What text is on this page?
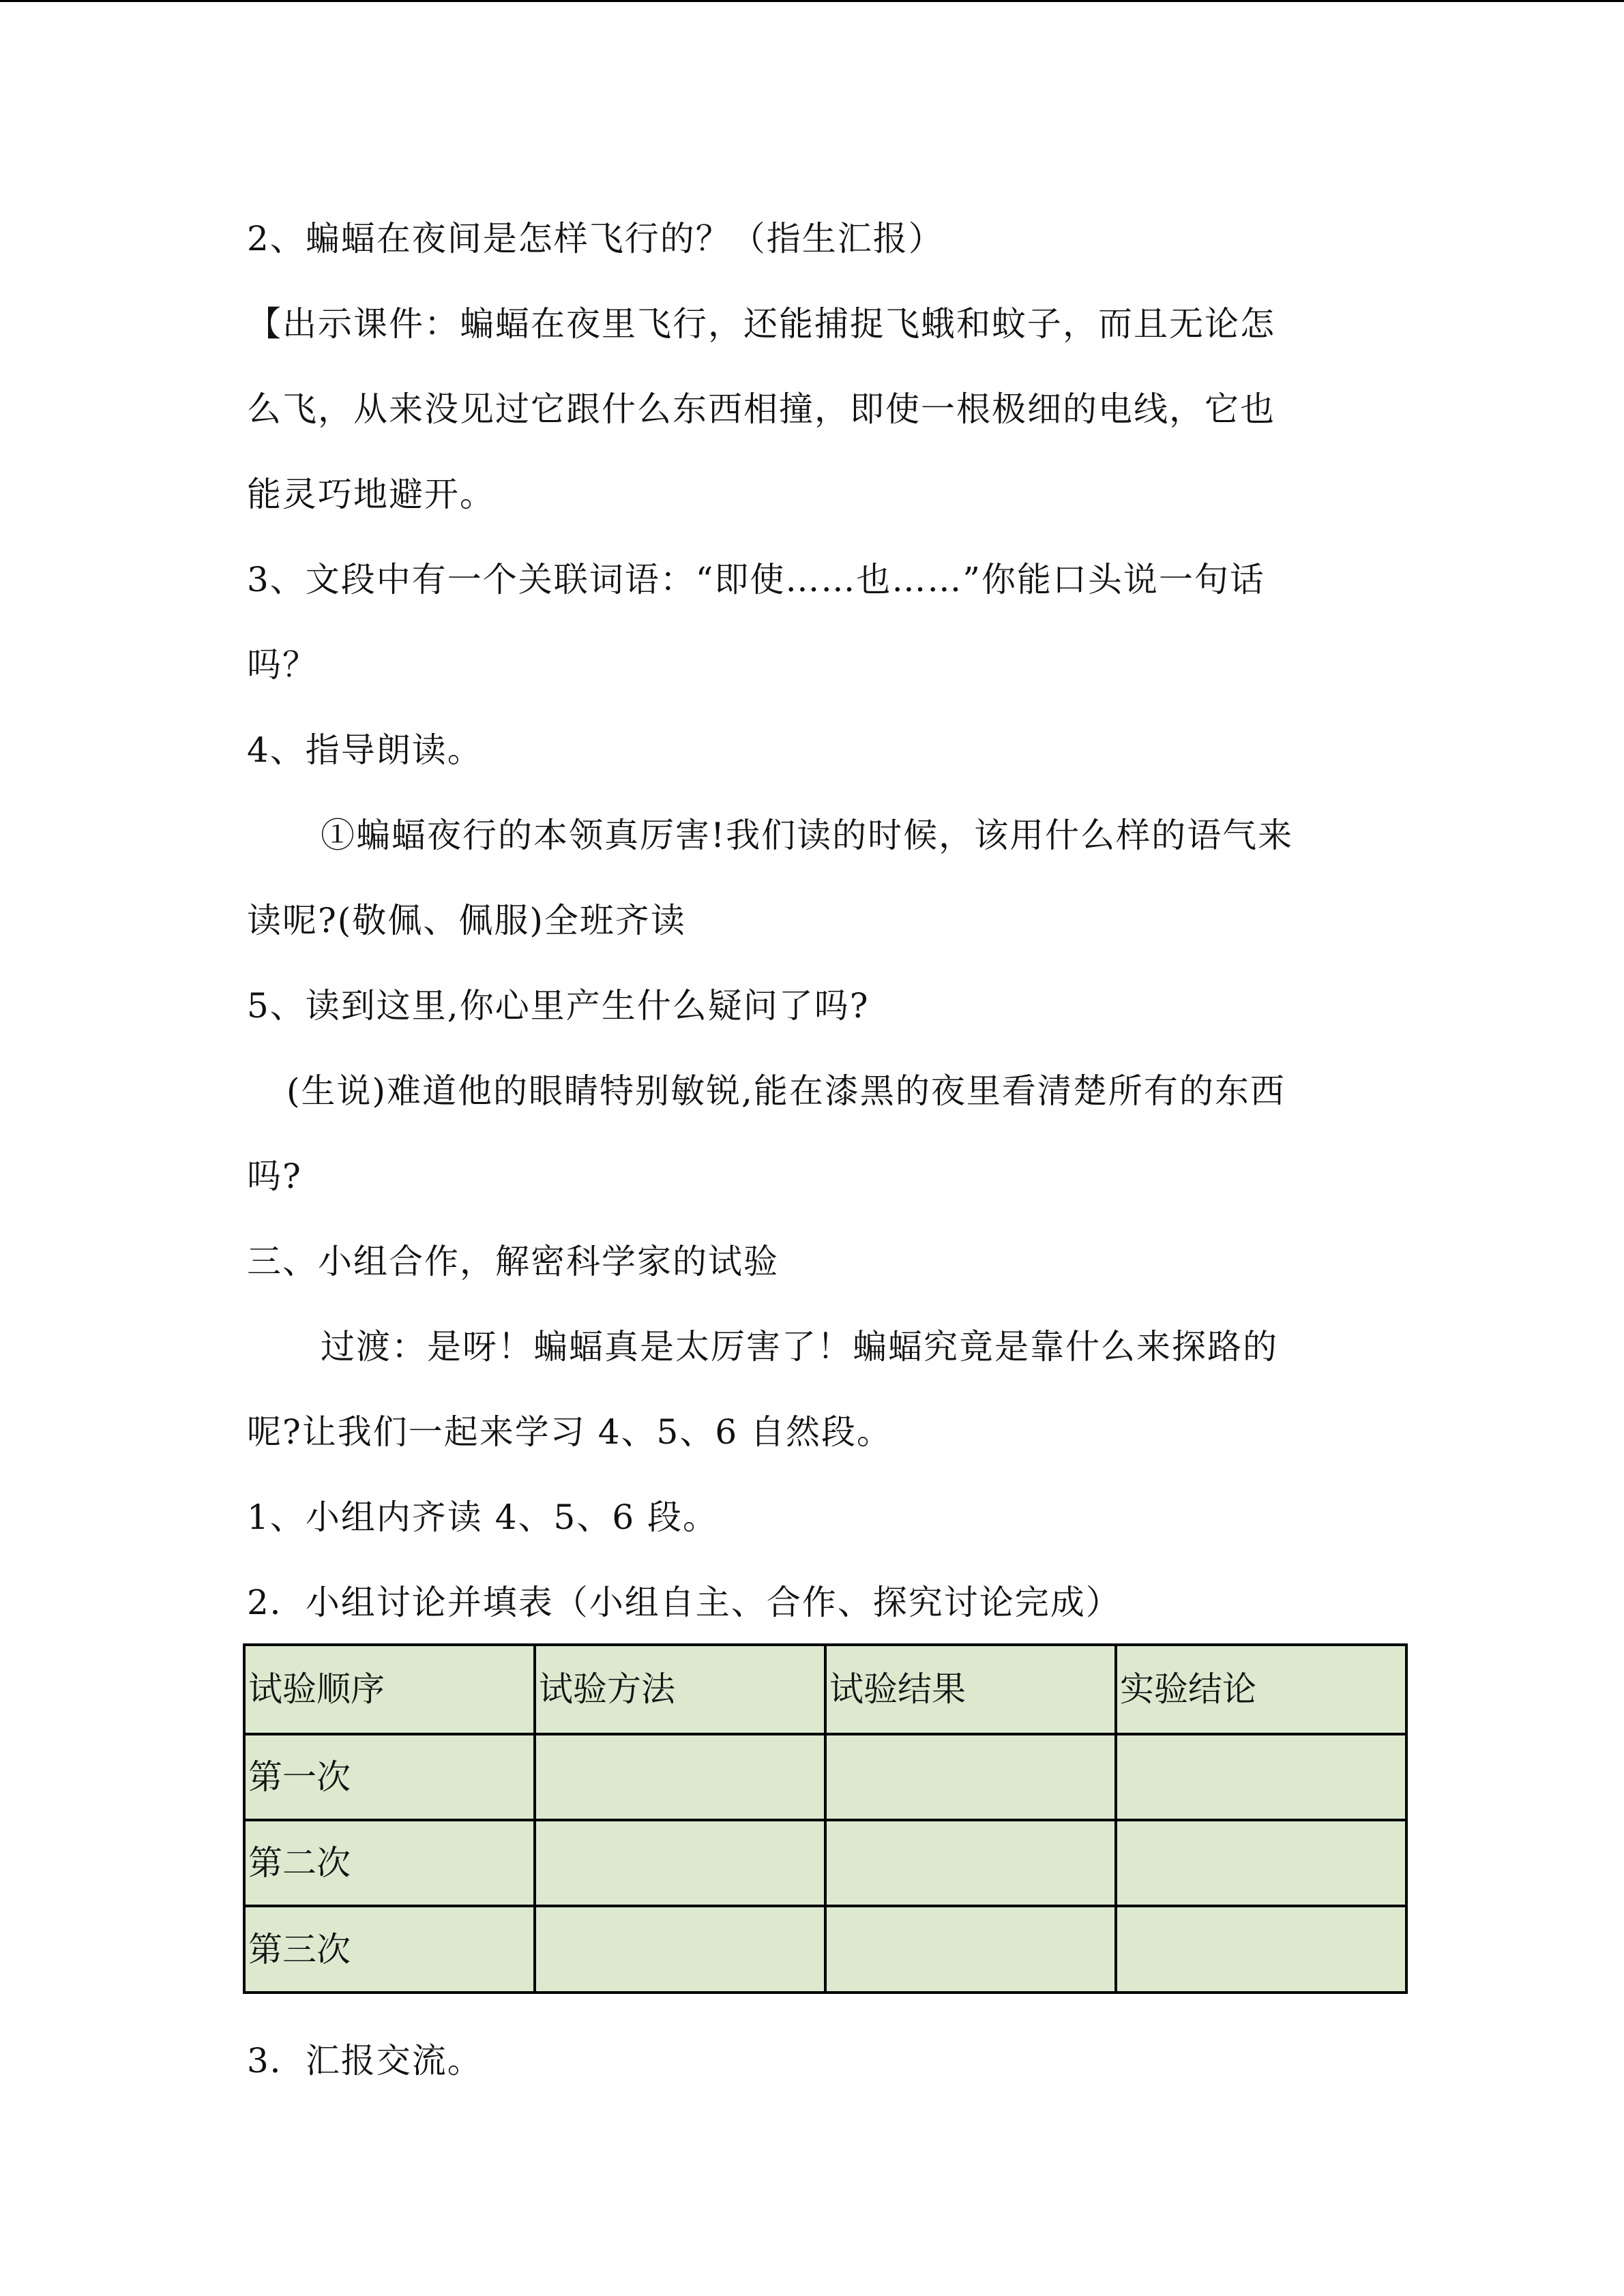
2、蝙蝠在夜间是怎样飞行的？（指生汇报）

【出示课件：蝙蝠在夜里飞行，还能捕捉飞蛾和蚊子，而且无论怎

么飞，从来没见过它跟什么东西相撞，即使一根极细的电线，它也

能灵巧地避开。

3、文段中有一个关联词语：“即使……也……”你能口头说一句话

吗？

4、指导朗读。

①蝙蝠夜行的本领真厉害!我们读的时候，该用什么样的语气来

读呢?(敬佩、佩服)全班齐读

5、读到这里,你心里产生什么疑问了吗?

(生说)难道他的眼睛特别敏锐,能在漆黑的夜里看清楚所有的东西

吗?

三、小组合作，解密科学家的试验

过渡：是呀！蝙蝠真是太厉害了！蝙蝠究竟是靠什么来探路的

呢?让我们一起来学习 4、5、6 自然段。

1、小组内齐读 4、5、6 段。

2．小组讨论并填表（小组自主、合作、探究讨论完成）

试验顺序	试验方法	试验结果	实验结论
第一次			
第二次			
第三次			

3．汇报交流。
